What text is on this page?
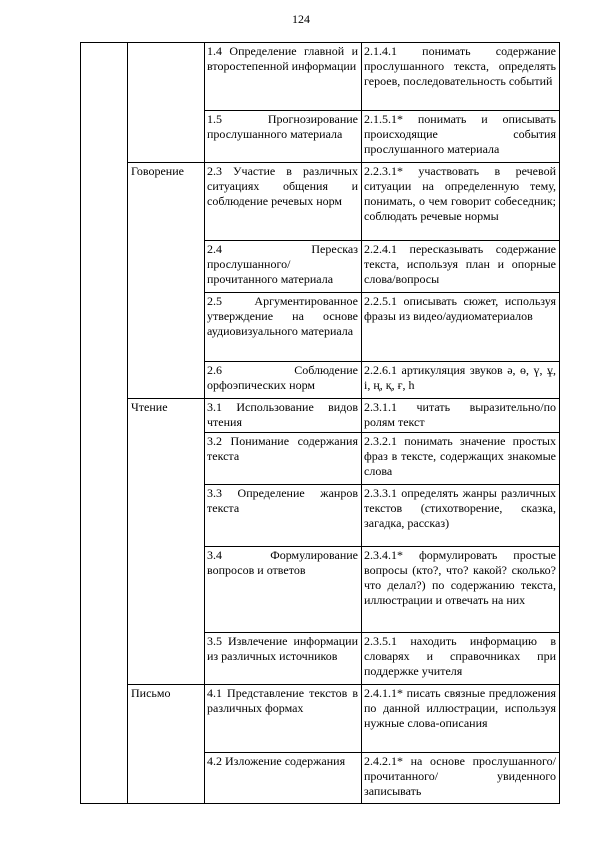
124
Говорение
Чтение
Письмо
1.4 Определение главной и второстепенной информации
2.1.4.1 понимать содержание прослушанного текста, определять героев, последовательность событий
1.5 Прогнозирование прослушанного материала
2.1.5.1* понимать и описывать происходящие события прослушанного материала
2.3 Участие в различных ситуациях общения и соблюдение речевых норм
2.2.3.1* участвовать в речевой ситуации на определенную тему, понимать, о чем говорит собеседник; соблюдать речевые нормы
2.4 Пересказ прослушанного/прочитанного материала
2.2.4.1 пересказывать содержание текста, используя план и опорные слова/вопросы
2.5 Аргументированное утверждение на основе аудиовизуального материала
2.2.5.1 описывать сюжет, используя фразы из видео/аудиоматериалов
2.6 Соблюдение орфоэпических норм
2.2.6.1 артикуляция звуков ә, ө, ү, ұ, і, ң, қ, ғ, һ
3.1 Использование видов чтения
2.3.1.1 читать выразительно/по ролям текст
3.2 Понимание содержания текста
2.3.2.1 понимать значение простых фраз в тексте, содержащих знакомые слова
3.3 Определение жанров текста
2.3.3.1 определять жанры различных текстов (стихотворение, сказка, загадка, рассказ)
3.4 Формулирование вопросов и ответов
2.3.4.1* формулировать простые вопросы (кто?, что? какой? сколько? что делал?) по содержанию текста, иллюстрации и отвечать на них
3.5 Извлечение информации из различных источников
2.3.5.1 находить информацию в словарях и справочниках при поддержке учителя
4.1 Представление текстов в различных формах
2.4.1.1* писать связные предложения по данной иллюстрации, используя нужные слова-описания
4.2 Изложение содержания	2.4.2.1* на основе прослушанного/ прочитанного/ увиденного записывать
